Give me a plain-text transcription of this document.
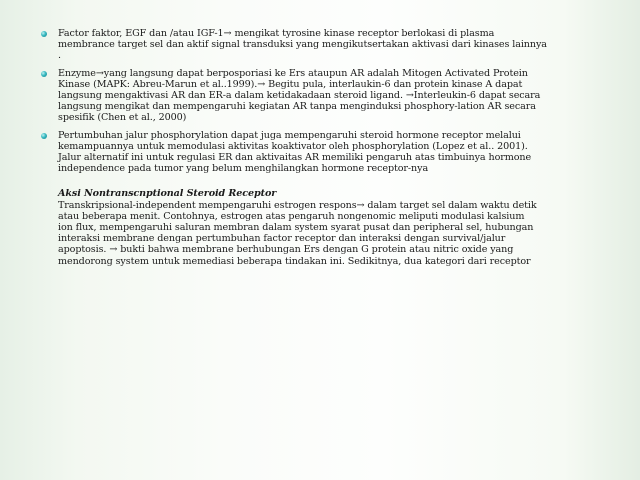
Factor faktor, EGF dan /atau IGF-1→ mengikat tyrosine kinase receptor berlokasi di plasma
membrance target sel dan aktif signal transduksi yang mengikutsertakan aktivasi dari kinases lainnya
.
Enzyme→yang langsung dapat berposporiasi ke Ers ataupun AR adalah Mitogen Activated Protein
Kinase (MAPK: Abreu-Marun et al..1999).→ Begitu pula, interlaukin-6 dan protein kinase A dapat
langsung mengaktivasi AR dan ER-a dalam ketidakadaan steroid ligand. →Interleukin-6 dapat secara
langsung mengikat dan mempengaruhi kegiatan AR tanpa menginduksi phosphory-lation AR secara
spesifik (Chen et al., 2000)
Pertumbuhan jalur phosphorylation dapat juga mempengaruhi steroid hormone receptor melalui
kemampuannya untuk memodulasi aktivitas koaktivator oleh phosphorylation (Lopez et al.. 2001).
Jalur alternatif ini untuk regulasi ER dan aktivaitas AR memiliki pengaruh atas timbuinya hormone
independence pada tumor yang belum menghilangkan hormone receptor-nya
Aksi Nontranscnptional Steroid Receptor
Transkripsional-independent mempengaruhi estrogen respons→ dalam target sel dalam waktu detik
atau beberapa menit. Contohnya, estrogen atas pengaruh nongenomic meliputi modulasi kalsium
ion flux, mempengaruhi saluran membran dalam system syarat pusat dan peripheral sel, hubungan
interaksi membrane dengan pertumbuhan factor receptor dan interaksi dengan survival/jalur
apoptosis. → bukti bahwa membrane berhubungan Ers dengan G protein atau nitric oxide yang
mendorong system untuk memediasi beberapa tindakan ini. Sedikitnya, dua kategori dari receptor
